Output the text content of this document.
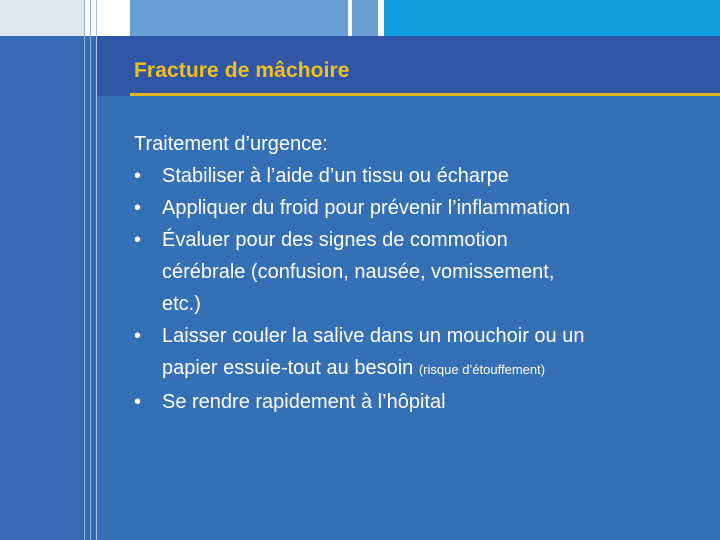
Fracture de mâchoire

Traitement d’urgence:

• Stabiliser à l’aide d’un tissu ou écharpe
• Appliquer du froid pour prévenir l’inflammation
• Évaluer pour des signes de commotion
cérébrale (confusion, nausée, vomissement,
etc.)
• Laisser couler la salive dans un mouchoir ou un
papier essuie-tout au besoin (risque d’étouffement)
• Se rendre rapidement à l’hôpital
